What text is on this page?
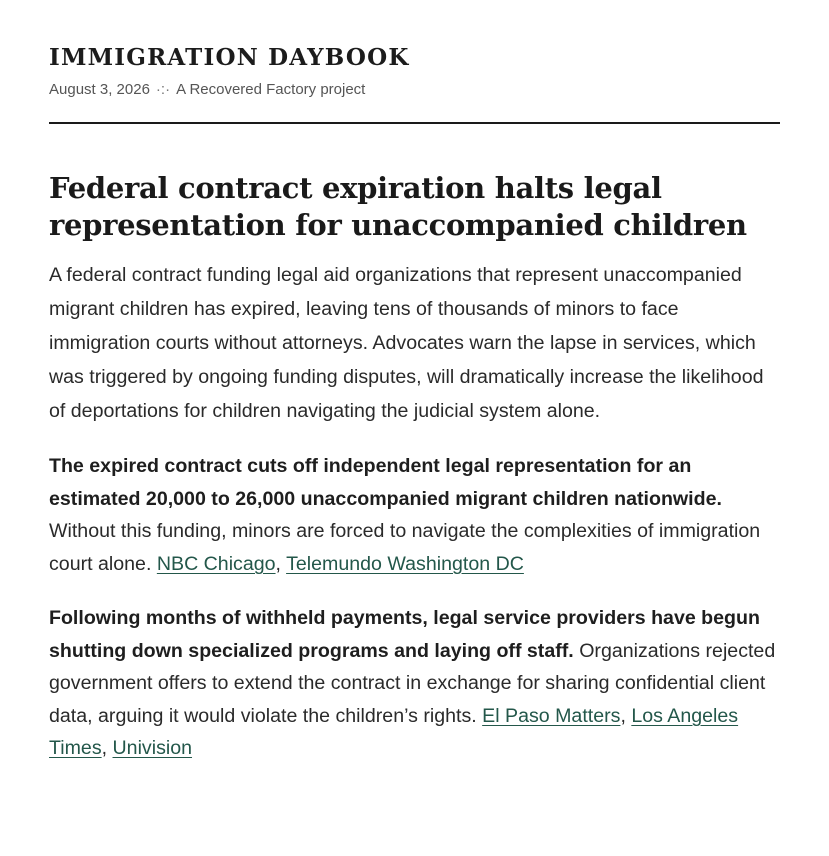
IMMIGRATION DAYBOOK
August 3, 2026 ·:· A Recovered Factory project
Federal contract expiration halts legal representation for unaccompanied children

A federal contract funding legal aid organizations that represent unaccompanied migrant children has expired, leaving tens of thousands of minors to face immigration courts without attorneys. Advocates warn the lapse in services, which was triggered by ongoing funding disputes, will dramatically increase the likelihood of deportations for children navigating the judicial system alone.

The expired contract cuts off independent legal representation for an estimated 20,000 to 26,000 unaccompanied migrant children nationwide. Without this funding, minors are forced to navigate the complexities of immigration court alone. NBC Chicago, Telemundo Washington DC

Following months of withheld payments, legal service providers have begun shutting down specialized programs and laying off staff. Organizations rejected government offers to extend the contract in exchange for sharing confidential client data, arguing it would violate the children’s rights. El Paso Matters, Los Angeles Times, Univision
